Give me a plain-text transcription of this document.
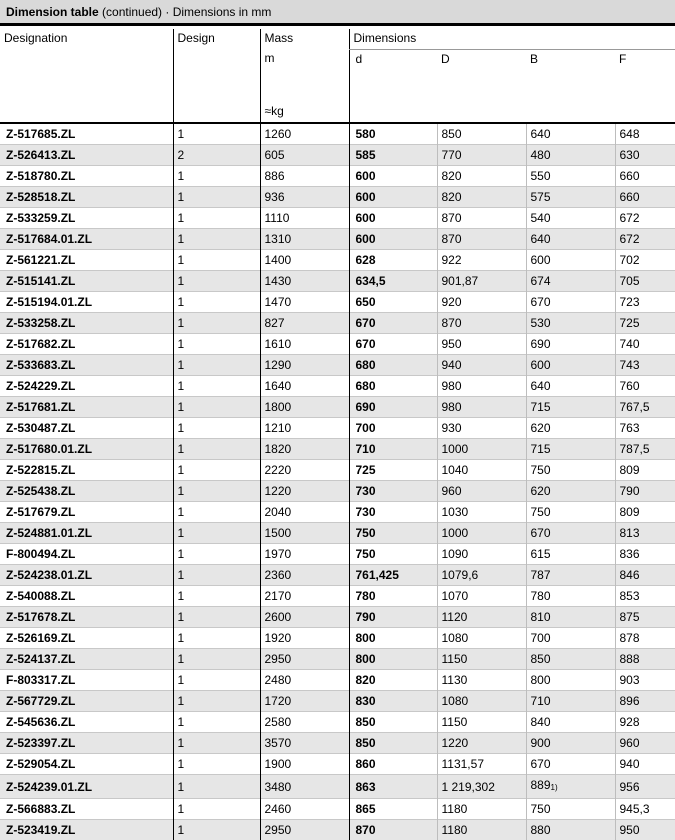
Dimension table (continued) · Dimensions in mm
Designation	Design	Mass	Dimensions			
		m	d	D	B	F

		≈kg				
Z-517685.ZL	1	1260	580	850	640	648
Z-526413.ZL	2	605	585	770	480	630
Z-518780.ZL	1	886	600	820	550	660
Z-528518.ZL	1	936	600	820	575	660
Z-533259.ZL	1	1110	600	870	540	672
Z-517684.01.ZL	1	1310	600	870	640	672
Z-561221.ZL	1	1400	628	922	600	702
Z-515141.ZL	1	1430	634,5	901,87	674	705
Z-515194.01.ZL	1	1470	650	920	670	723
Z-533258.ZL	1	827	670	870	530	725
Z-517682.ZL	1	1610	670	950	690	740
Z-533683.ZL	1	1290	680	940	600	743
Z-524229.ZL	1	1640	680	980	640	760
Z-517681.ZL	1	1800	690	980	715	767,5
Z-530487.ZL	1	1210	700	930	620	763
Z-517680.01.ZL	1	1820	710	1000	715	787,5
Z-522815.ZL	1	2220	725	1040	750	809
Z-525438.ZL	1	1220	730	960	620	790
Z-517679.ZL	1	2040	730	1030	750	809
Z-524881.01.ZL	1	1500	750	1000	670	813
F-800494.ZL	1	1970	750	1090	615	836
Z-524238.01.ZL	1	2360	761,425	1079,6	787	846
Z-540088.ZL	1	2170	780	1070	780	853
Z-517678.ZL	1	2600	790	1120	810	875
Z-526169.ZL	1	1920	800	1080	700	878
Z-524137.ZL	1	2950	800	1150	850	888
F-803317.ZL	1	2480	820	1130	800	903
Z-567729.ZL	1	1720	830	1080	710	896
Z-545636.ZL	1	2580	850	1150	840	928
Z-523397.ZL	1	3570	850	1220	900	960
Z-529054.ZL	1	1900	860	1131,57	670	940
Z-524239.01.ZL	1	3480	863	1 219,302	889$^{1)}$	956
Z-566883.ZL	1	2460	865	1180	750	945,3
Z-523419.ZL	1	2950	870	1180	880	950
